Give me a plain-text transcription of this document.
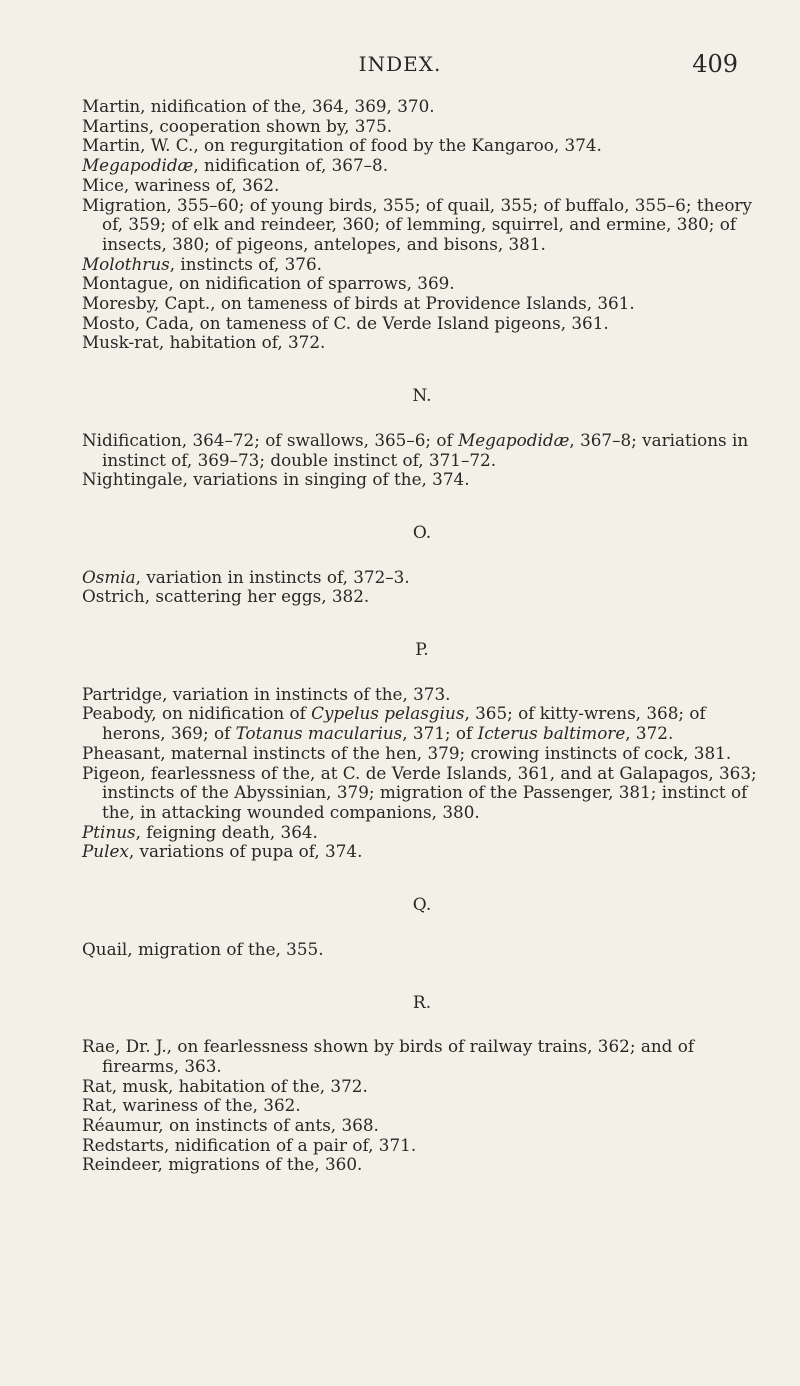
INDEX.	409

Martin, nidification of the, 364, 369, 370.

Martins, cooperation shown by, 375.

Martin, W. C., on regurgitation of food by the Kangaroo, 374.

Megapodidæ, nidification of, 367–8.

Mice, wariness of, 362.

Migration, 355–60; of young birds, 355; of quail, 355; of buffalo, 355–6; theory of, 359; of elk and reindeer, 360; of lemming, squirrel, and ermine, 380; of insects, 380; of pigeons, antelopes, and bisons, 381.

Molothrus, instincts of, 376.

Montague, on nidification of sparrows, 369.

Moresby, Capt., on tameness of birds at Providence Islands, 361.

Mosto, Cada, on tameness of C. de Verde Island pigeons, 361.

Musk-rat, habitation of, 372.

N.

Nidification, 364–72; of swallows, 365–6; of Megapodidæ, 367–8; variations in instinct of, 369–73; double instinct of, 371–72.

Nightingale, variations in singing of the, 374.

O.

Osmia, variation in instincts of, 372–3.

Ostrich, scattering her eggs, 382.

P.

Partridge, variation in instincts of the, 373.

Peabody, on nidification of Cypelus pelasgius, 365; of kitty-wrens, 368; of herons, 369; of Totanus macularius, 371; of Icterus baltimore, 372.

Pheasant, maternal instincts of the hen, 379; crowing instincts of cock, 381.

Pigeon, fearlessness of the, at C. de Verde Islands, 361, and at Galapagos, 363; instincts of the Abyssinian, 379; migration of the Passenger, 381; instinct of the, in attacking wounded companions, 380.

Ptinus, feigning death, 364.

Pulex, variations of pupa of, 374.

Q.

Quail, migration of the, 355.

R.

Rae, Dr. J., on fearlessness shown by birds of railway trains, 362; and of firearms, 363.

Rat, musk, habitation of the, 372.

Rat, wariness of the, 362.

Réaumur, on instincts of ants, 368.

Redstarts, nidification of a pair of, 371.

Reindeer, migrations of the, 360.
